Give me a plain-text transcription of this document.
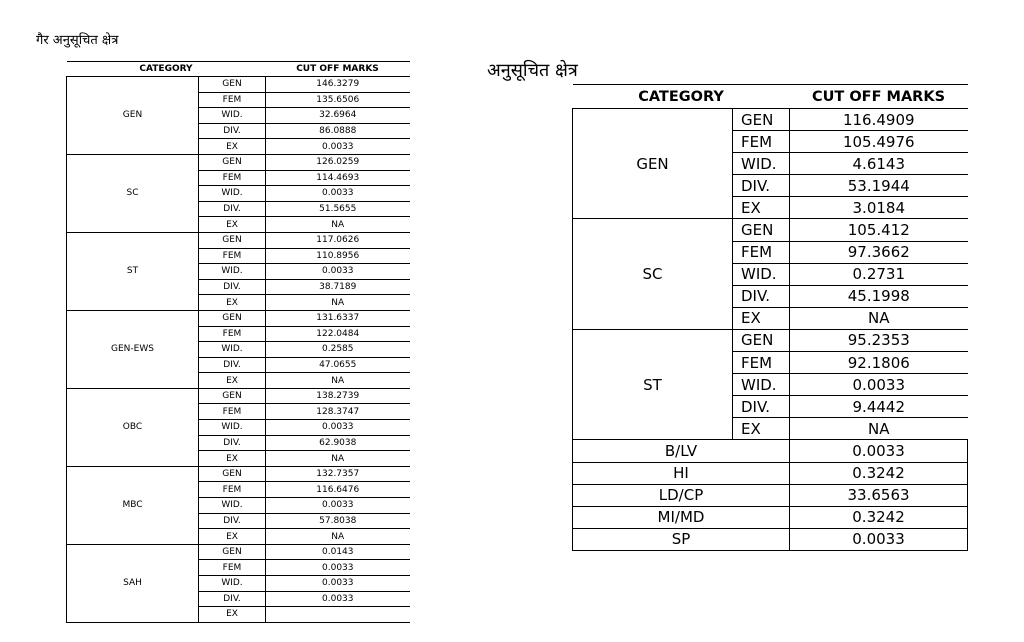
गैर अनुसूचित क्षेत्र
CATEGORY		CUT OFF MARKS
GEN	GEN	146.3279
	FEM	135.6506
	WID.	32.6964
	DIV.	86.0888
	EX	0.0033
SC	GEN	126.0259
	FEM	114.4693
	WID.	0.0033
	DIV.	51.5655
	EX	NA
ST	GEN	117.0626
	FEM	110.8956
	WID.	0.0033
	DIV.	38.7189
	EX	NA
GEN-EWS	GEN	131.6337
	FEM	122.0484
	WID.	0.2585
	DIV.	47.0655
	EX	NA
OBC	GEN	138.2739
	FEM	128.3747
	WID.	0.0033
	DIV.	62.9038
	EX	NA
MBC	GEN	132.7357
	FEM	116.6476
	WID.	0.0033
	DIV.	57.8038
	EX	NA
SAH	GEN	0.0143
	FEM	0.0033
	WID.	0.0033
	DIV.	0.0033
	EX	
अनुसूचित क्षेत्र
CATEGORY		CUT OFF MARKS
GEN	GEN	116.4909
	FEM	105.4976
	WID.	4.6143
	DIV.	53.1944
	EX	3.0184
SC	GEN	105.412
	FEM	97.3662
	WID.	0.2731
	DIV.	45.1998
	EX	NA
ST	GEN	95.2353
	FEM	92.1806
	WID.	0.0033
	DIV.	9.4442
	EX	NA
B/LV		0.0033
HI		0.3242
LD/CP		33.6563
MI/MD		0.3242
SP		0.0033
